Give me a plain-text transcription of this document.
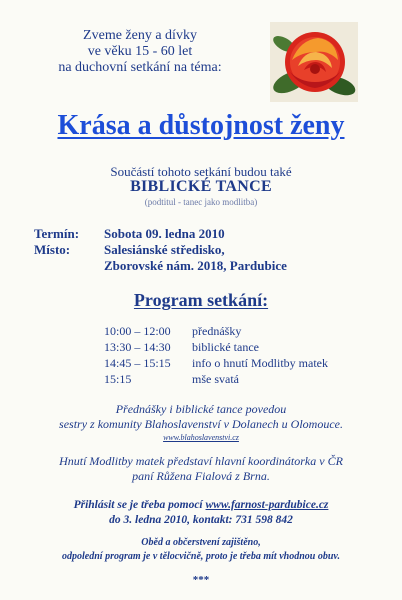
Zveme ženy a dívky
ve věku 15 - 60 let
na duchovní setkání na téma:
Krása a důstojnost ženy
Součástí tohoto setkání budou také
BIBLICKÉ TANCE
(podtitul - tanec jako modlitba)
Termín: Sobota 09. ledna 2010
Místo:	Salesiánské středisko,
Zborovské nám. 2018, Pardubice
Program setkání:
10:00 – 12:00 přednášky
13:30 – 14:30 biblické tance
14:45 – 15:15 info o hnutí Modlitby matek
15:15	mše svatá
Přednášky i biblické tance povedou
sestry z komunity Blahoslavenství v Dolanech u Olomouce.
www.blahoslavenstvi.cz
Hnutí Modlitby matek představí hlavní koordinátorka v ČR
paní Růžena Fialová z Brna.
Přihlásit se je třeba pomocí www.farnost-pardubice.cz
do 3. ledna 2010, kontakt: 731 598 842
Oběd a občerstvení zajištěno,
odpolední program je v tělocvičně, proto je třeba mít vhodnou obuv.
***
